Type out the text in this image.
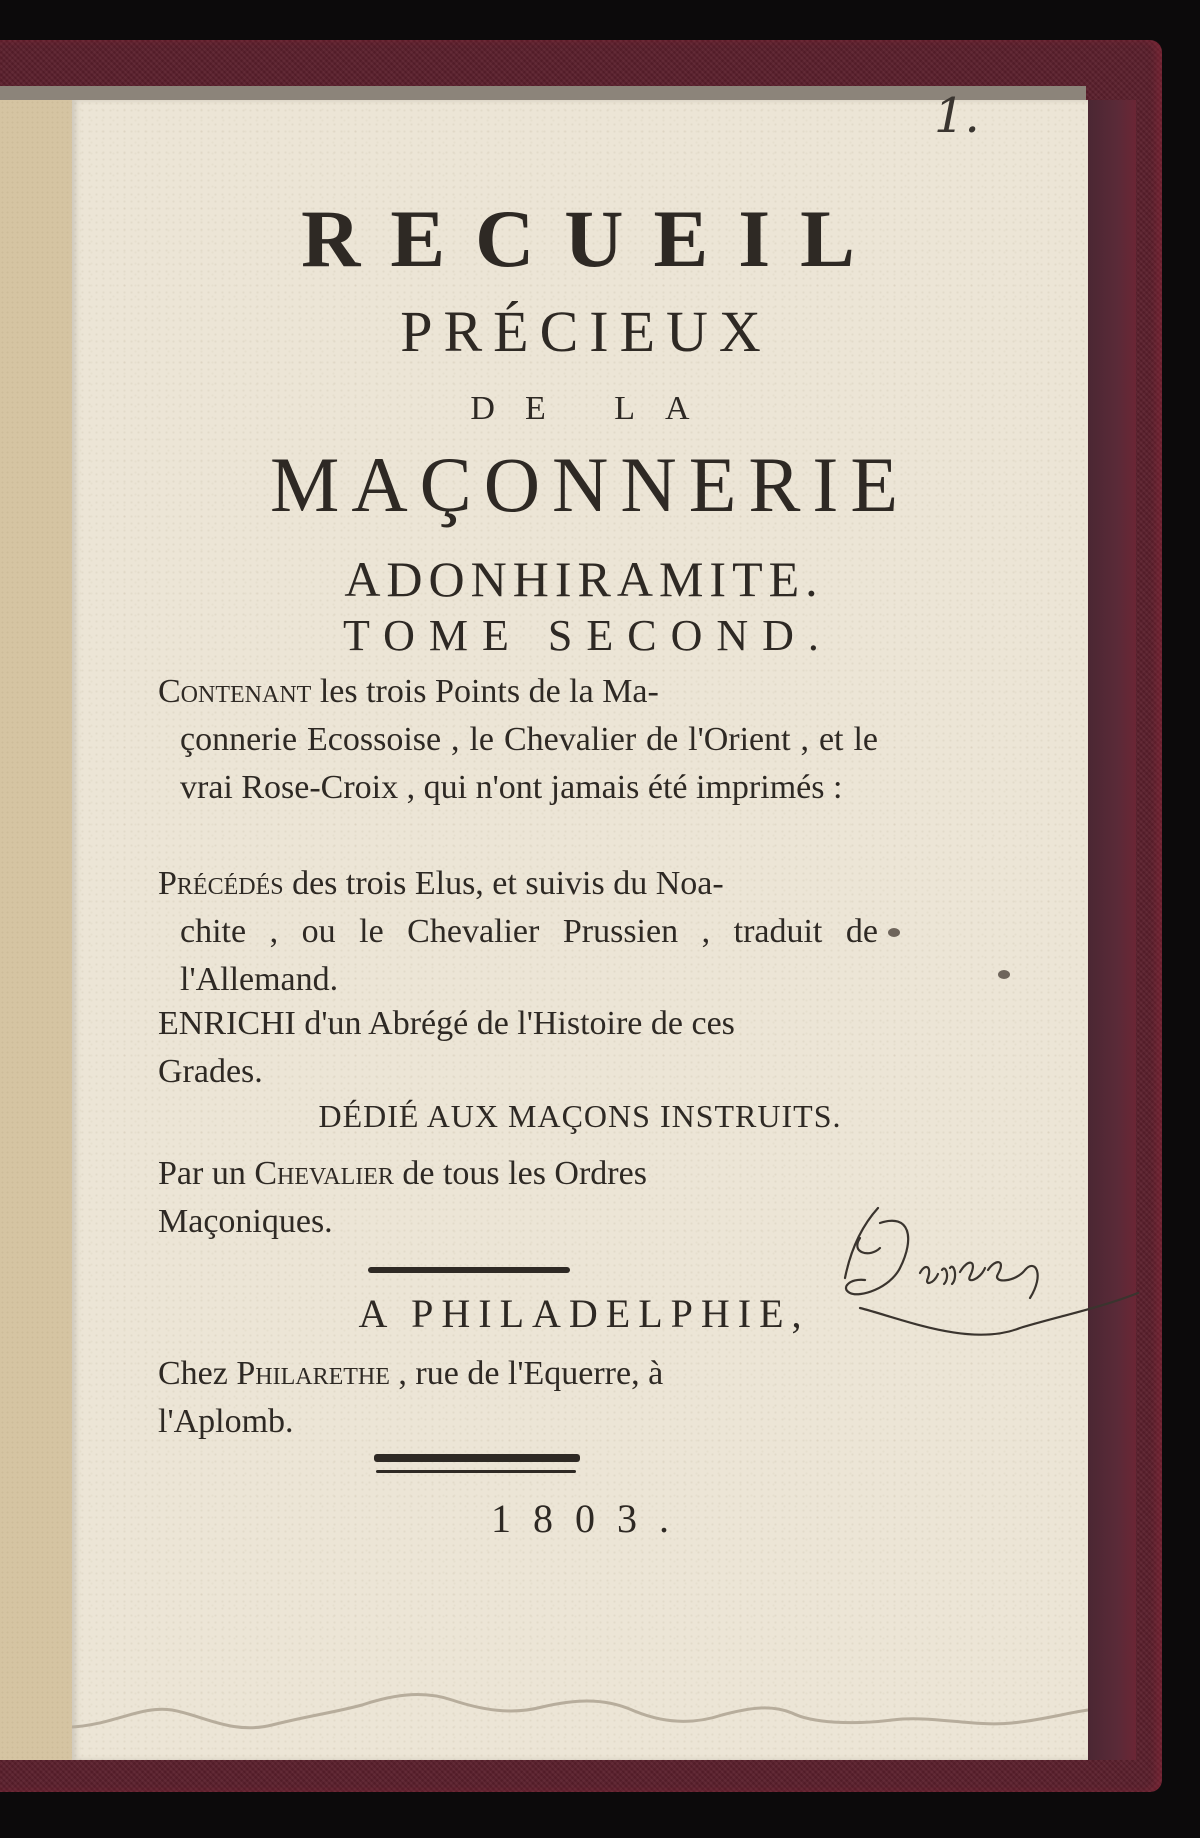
1.
RECUEIL
PRÉCIEUX
DE LA
MAÇONNERIE
ADONHIRAMITE.
TOME SECOND.
Contenant les trois Points de la Ma-
çonnerie Ecossoise , le Chevalier de l'Orient , et le vrai Rose-Croix , qui n'ont jamais été imprimés :
Précédés des trois Elus, et suivis du Noa-
chite , ou le Chevalier Prussien , traduit de l'Allemand.
ENRICHI d'un Abrégé de l'Histoire de ces
Grades.
DÉDIÉ AUX MAÇONS INSTRUITS.
Par un Chevalier de tous les Ordres
Maçoniques.
A PHILADELPHIE,
Chez Philarethe , rue de l'Equerre, à
l'Aplomb.
1803.
